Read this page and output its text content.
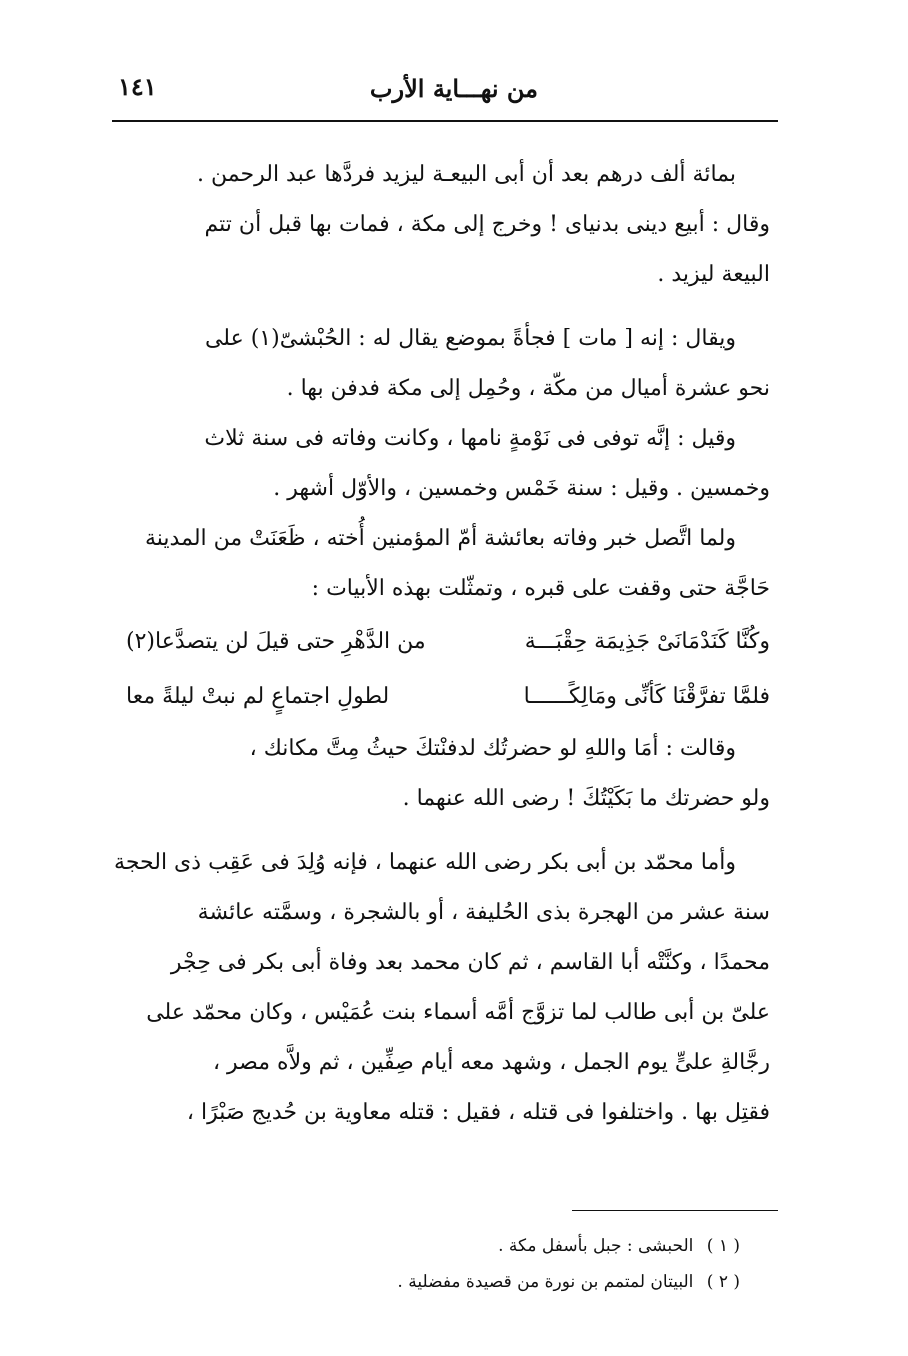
من نهـــاية الأرب
١٤١

بمائة ألف درهم بعد أن أبى البيعـة ليزيد فردَّها عبد الرحمن .
وقال : أبيع دينى بدنياى ! وخرج إلى مكة ، فمات بها قبل أن تتم
البيعة ليزيد .

ويقال : إنه [ مات ] فجأةً بموضع يقال له : الحُبْشىّ(١) على
نحو عشرة أميال من مكّة ، وحُمِل إلى مكة فدفن بها .

وقيل : إنَّه توفى فى نَوْمةٍ نامها ، وكانت وفاته فى سنة ثلاث
وخمسين . وقيل : سنة خَمْس وخمسين ، والأوّل أشهر .

ولما اتَّصل خبر وفاته بعائشة أمّ المؤمنين أُخته ، ظَعَنَتْ من المدينة
حَاجَّة حتى وقفت على قبره ، وتمثّلت بهذه الأبيات :

وكُنَّا كَنَدْمَانَىْ جَذِيمَة حِقْبَـــة
من الدَّهْرِ حتى قيلَ لن يتصدَّعا(٢)
فلمَّا تفرَّقْنَا كَأنِّى ومَالِكًــــــا
لطولِ اجتماعٍ لم نبتْ ليلةً معا

وقالت : أمَا واللهِ لو حضرتُك لدفنْتكَ حيثُ مِتَّ مكانك ،
ولو حضرتك ما بَكَيْتُكَ ! رضى الله عنهما .

وأما محمّد بن أبى بكر رضى الله عنهما ، فإنه وُلِدَ فى عَقِب ذى الحجة
سنة عشر من الهجرة بذى الحُليفة ، أو بالشجرة ، وسمَّته عائشة
محمدًا ، وكنَّتْه أبا القاسم ، ثم كان محمد بعد وفاة أبى بكر فى حِجْر
علىّ بن أبى طالب لما تزوَّج أمَّه أسماء بنت عُمَيْس ، وكان محمّد على
رجَّالةِ علىٍّ يوم الجمل ، وشهد معه أيام صِفِّين ، ثم ولاَّه مصر ،
فقتِل بها . واختلفوا فى قتله ، فقيل : قتله معاوية بن حُديج صَبْرًا ،

( ١ ) الحبشى : جبل بأسفل مكة .
( ٢ ) البيتان لمتمم بن نورة من قصيدة مفضلية .
